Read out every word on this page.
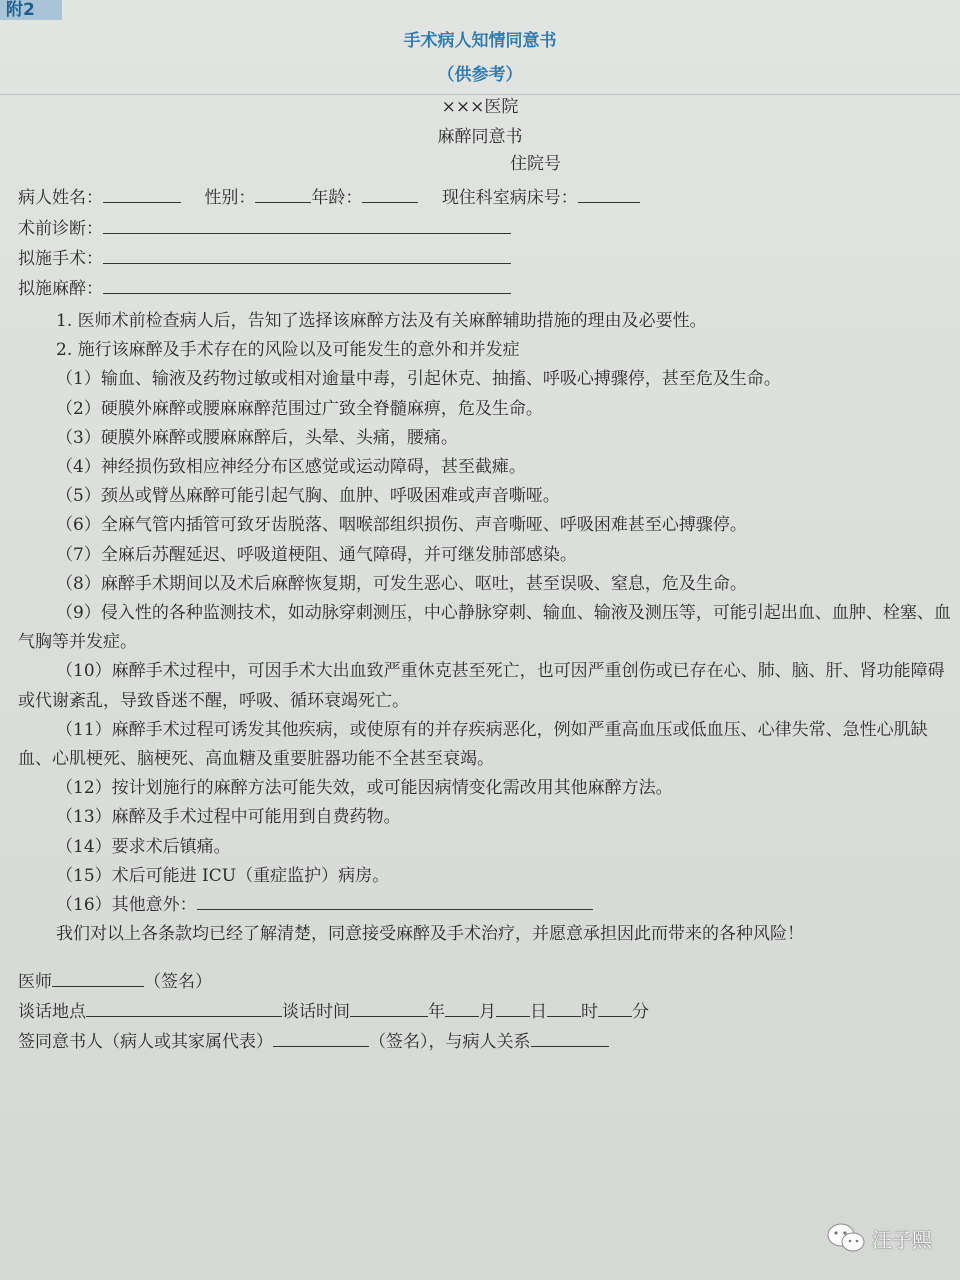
附2
手术病人知情同意书
（供参考）
×××医院
麻醉同意书
住院号
病人姓名：	性别：	年龄：	现住科室病床号：
术前诊断：
拟施手术：
拟施麻醉：

1. 医师术前检查病人后，告知了选择该麻醉方法及有关麻醉辅助措施的理由及必要性。

2. 施行该麻醉及手术存在的风险以及可能发生的意外和并发症

（1）输血、输液及药物过敏或相对逾量中毒，引起休克、抽搐、呼吸心搏骤停，甚至危及生命。

（2）硬膜外麻醉或腰麻麻醉范围过广致全脊髓麻痹，危及生命。

（3）硬膜外麻醉或腰麻麻醉后，头晕、头痛，腰痛。

（4）神经损伤致相应神经分布区感觉或运动障碍，甚至截瘫。

（5）颈丛或臂丛麻醉可能引起气胸、血肿、呼吸困难或声音嘶哑。

（6）全麻气管内插管可致牙齿脱落、咽喉部组织损伤、声音嘶哑、呼吸困难甚至心搏骤停。

（7）全麻后苏醒延迟、呼吸道梗阻、通气障碍，并可继发肺部感染。

（8）麻醉手术期间以及术后麻醉恢复期，可发生恶心、呕吐，甚至误吸、窒息，危及生命。

（9）侵入性的各种监测技术，如动脉穿刺测压，中心静脉穿刺、输血、输液及测压等，可能引起出血、血肿、栓塞、血气胸等并发症。

（10）麻醉手术过程中，可因手术大出血致严重休克甚至死亡，也可因严重创伤或已存在心、肺、脑、肝、肾功能障碍或代谢紊乱，导致昏迷不醒，呼吸、循环衰竭死亡。

（11）麻醉手术过程可诱发其他疾病，或使原有的并存疾病恶化，例如严重高血压或低血压、心律失常、急性心肌缺血、心肌梗死、脑梗死、高血糖及重要脏器功能不全甚至衰竭。

（12）按计划施行的麻醉方法可能失效，或可能因病情变化需改用其他麻醉方法。

（13）麻醉及手术过程中可能用到自费药物。

（14）要求术后镇痛。

（15）术后可能进 ICU（重症监护）病房。

（16）其他意外：

我们对以上各条款均已经了解清楚，同意接受麻醉及手术治疗，并愿意承担因此而带来的各种风险！

医师	（签名）
谈话地点	谈话时间	年 月 日 时 分
签同意书人（病人或其家属代表）	（签名），与病人关系
汪子熙
